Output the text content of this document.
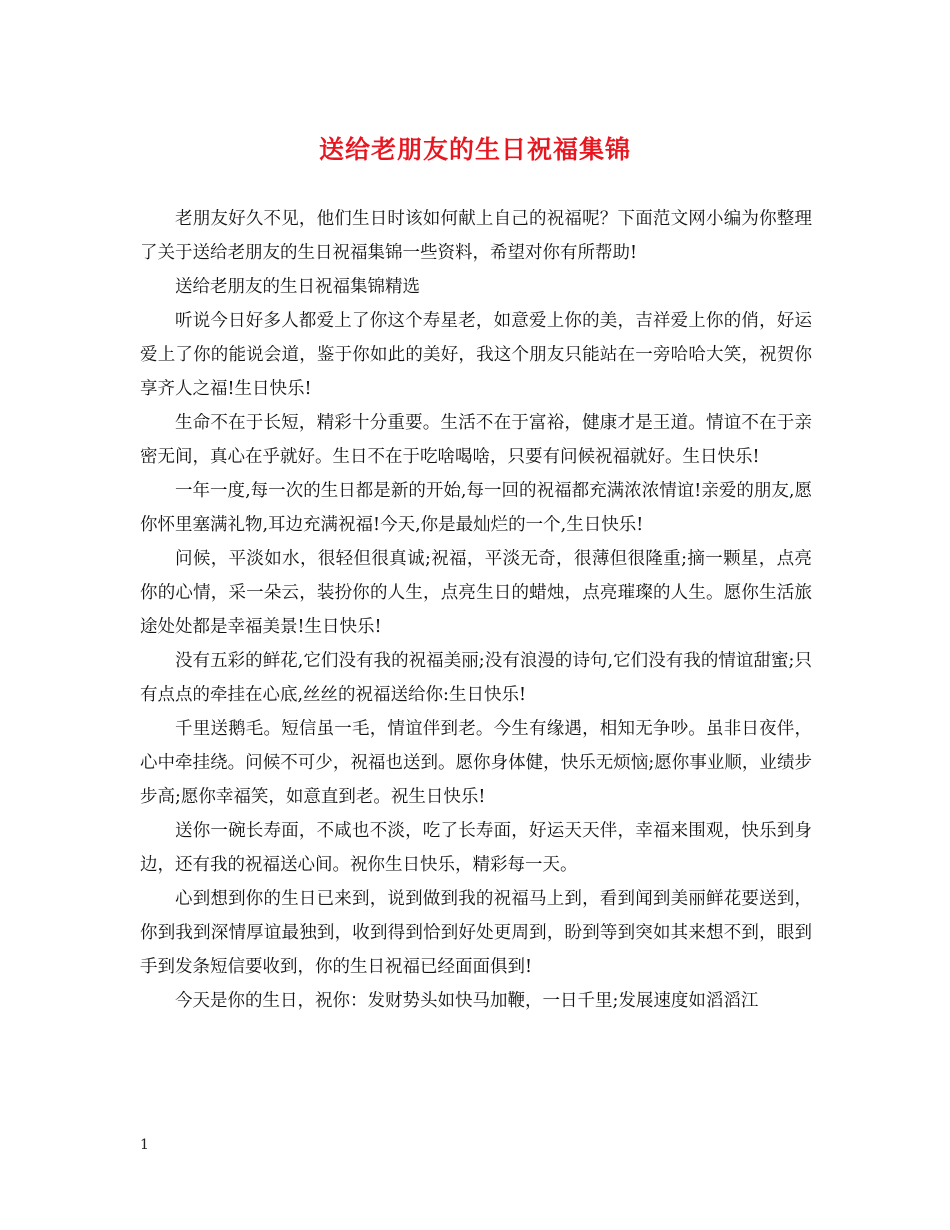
送给老朋友的生日祝福集锦

老朋友好久不见，他们生日时该如何献上自己的祝福呢？下面范文网小编为你整理了关于送给老朋友的生日祝福集锦一些资料，希望对你有所帮助!

送给老朋友的生日祝福集锦精选

听说今日好多人都爱上了你这个寿星老，如意爱上你的美，吉祥爱上你的俏，好运爱上了你的能说会道，鉴于你如此的美好，我这个朋友只能站在一旁哈哈大笑，祝贺你享齐人之福!生日快乐!

生命不在于长短，精彩十分重要。生活不在于富裕，健康才是王道。情谊不在于亲密无间，真心在乎就好。生日不在于吃啥喝啥，只要有问候祝福就好。生日快乐!

一年一度,每一次的生日都是新的开始,每一回的祝福都充满浓浓情谊!亲爱的朋友,愿你怀里塞满礼物,耳边充满祝福!今天,你是最灿烂的一个,生日快乐!

问候，平淡如水，很轻但很真诚;祝福，平淡无奇，很薄但很隆重;摘一颗星，点亮你的心情，采一朵云，装扮你的人生，点亮生日的蜡烛，点亮璀璨的人生。愿你生活旅途处处都是幸福美景!生日快乐!

没有五彩的鲜花,它们没有我的祝福美丽;没有浪漫的诗句,它们没有我的情谊甜蜜;只有点点的牵挂在心底,丝丝的祝福送给你:生日快乐!

千里送鹅毛。短信虽一毛，情谊伴到老。今生有缘遇，相知无争吵。虽非日夜伴，心中牵挂绕。问候不可少，祝福也送到。愿你身体健，快乐无烦恼;愿你事业顺，业绩步步高;愿你幸福笑，如意直到老。祝生日快乐!

送你一碗长寿面，不咸也不淡，吃了长寿面，好运天天伴，幸福来围观，快乐到身边，还有我的祝福送心间。祝你生日快乐，精彩每一天。

心到想到你的生日已来到，说到做到我的祝福马上到，看到闻到美丽鲜花要送到，你到我到深情厚谊最独到，收到得到恰到好处更周到，盼到等到突如其来想不到，眼到手到发条短信要收到，你的生日祝福已经面面俱到!

今天是你的生日，祝你：发财势头如快马加鞭，一日千里;发展速度如滔滔江

1
